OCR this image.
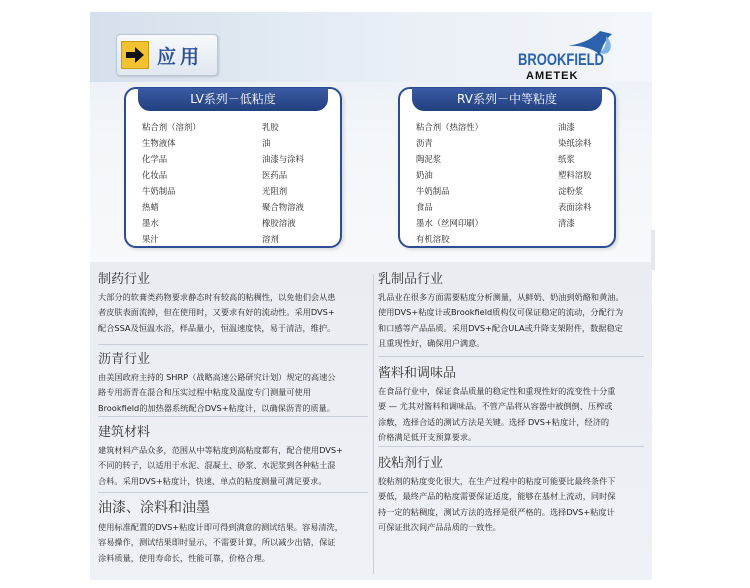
应用	BROOKFIELD
AMETEK
LV系列－低粘度
粘合剂（溶剂）
生物液体
化学品
化妆品
牛奶制品
热蜡
墨水
果汁
乳胶
油
油漆与涂料
医药品
光阻剂
聚合物溶液
橡胶溶液
溶剂
RV系列－中等粘度
粘合剂（热溶性）
沥青
陶泥浆
奶油
牛奶制品
食品
墨水（丝网印刷）
有机溶胶
油漆
染纸涂料
纸浆
塑料溶胶
淀粉浆
表面涂料
清漆
制药行业
大部分的软膏类药物要求静态时有较高的粘稠性，以免他们会从患
者皮肤表面流掉，但在使用时，又要求有好的流动性。采用DVS+
配合SSA及恒温水浴，样品量小，恒温速度快，易于清洁，维护。
沥青行业
由美国政府主持的 SHRP（战略高速公路研究计划）规定的高速公
路专用沥青在混合和压实过程中粘度及温度专门测量可使用
Brookfield的加热器系统配合DVS+粘度计，以确保沥青的质量。
建筑材料
建筑材料产品众多，范围从中等粘度到高粘度都有，配合使用DVS+
不同的转子，以适用于水泥、混凝土、砂浆、水泥浆到各种粘土混
合料。采用DVS+粘度计，快速、单点的粘度测量可满足要求。
油漆、涂料和油墨
使用标准配置的DVS+粘度计即可得到满意的测试结果。容易清洗，
容易操作，测试结果即时显示，不需要计算，所以减少出错，保证
涂料质量，使用寿命长，性能可靠，价格合理。
乳制品行业
乳品业在很多方面需要粘度分析测量，从鲜奶、奶油到奶酪和黄油。
使用DVS+粘度计或Brookfield质构仪可保证稳定的流动，分配行为
和口感等产品品质。采用DVS+配合ULA或升降支架附件，数据稳定
且重现性好，确保用户满意。
酱料和调味品
在食品行业中，保证食品质量的稳定性和重现性好的流变性十分重
要 — 尤其对酱料和调味品。不管产品将从容器中被倒倒、压榨或
涂敷，选择合适的测试方法是关键。选择 DVS+粘度计，经济的
价格满足低开支预算要求。
胶粘剂行业
胶粘剂的粘度变化很大，在生产过程中的粘度可能要比最终条件下
要低，最终产品的粘度需要保证适度，能够在基材上流动，同时保
持一定的粘稠度，测试方法的选择是很严格的。选择DVS+粘度计
可保证批次间产品品质的一致性。
